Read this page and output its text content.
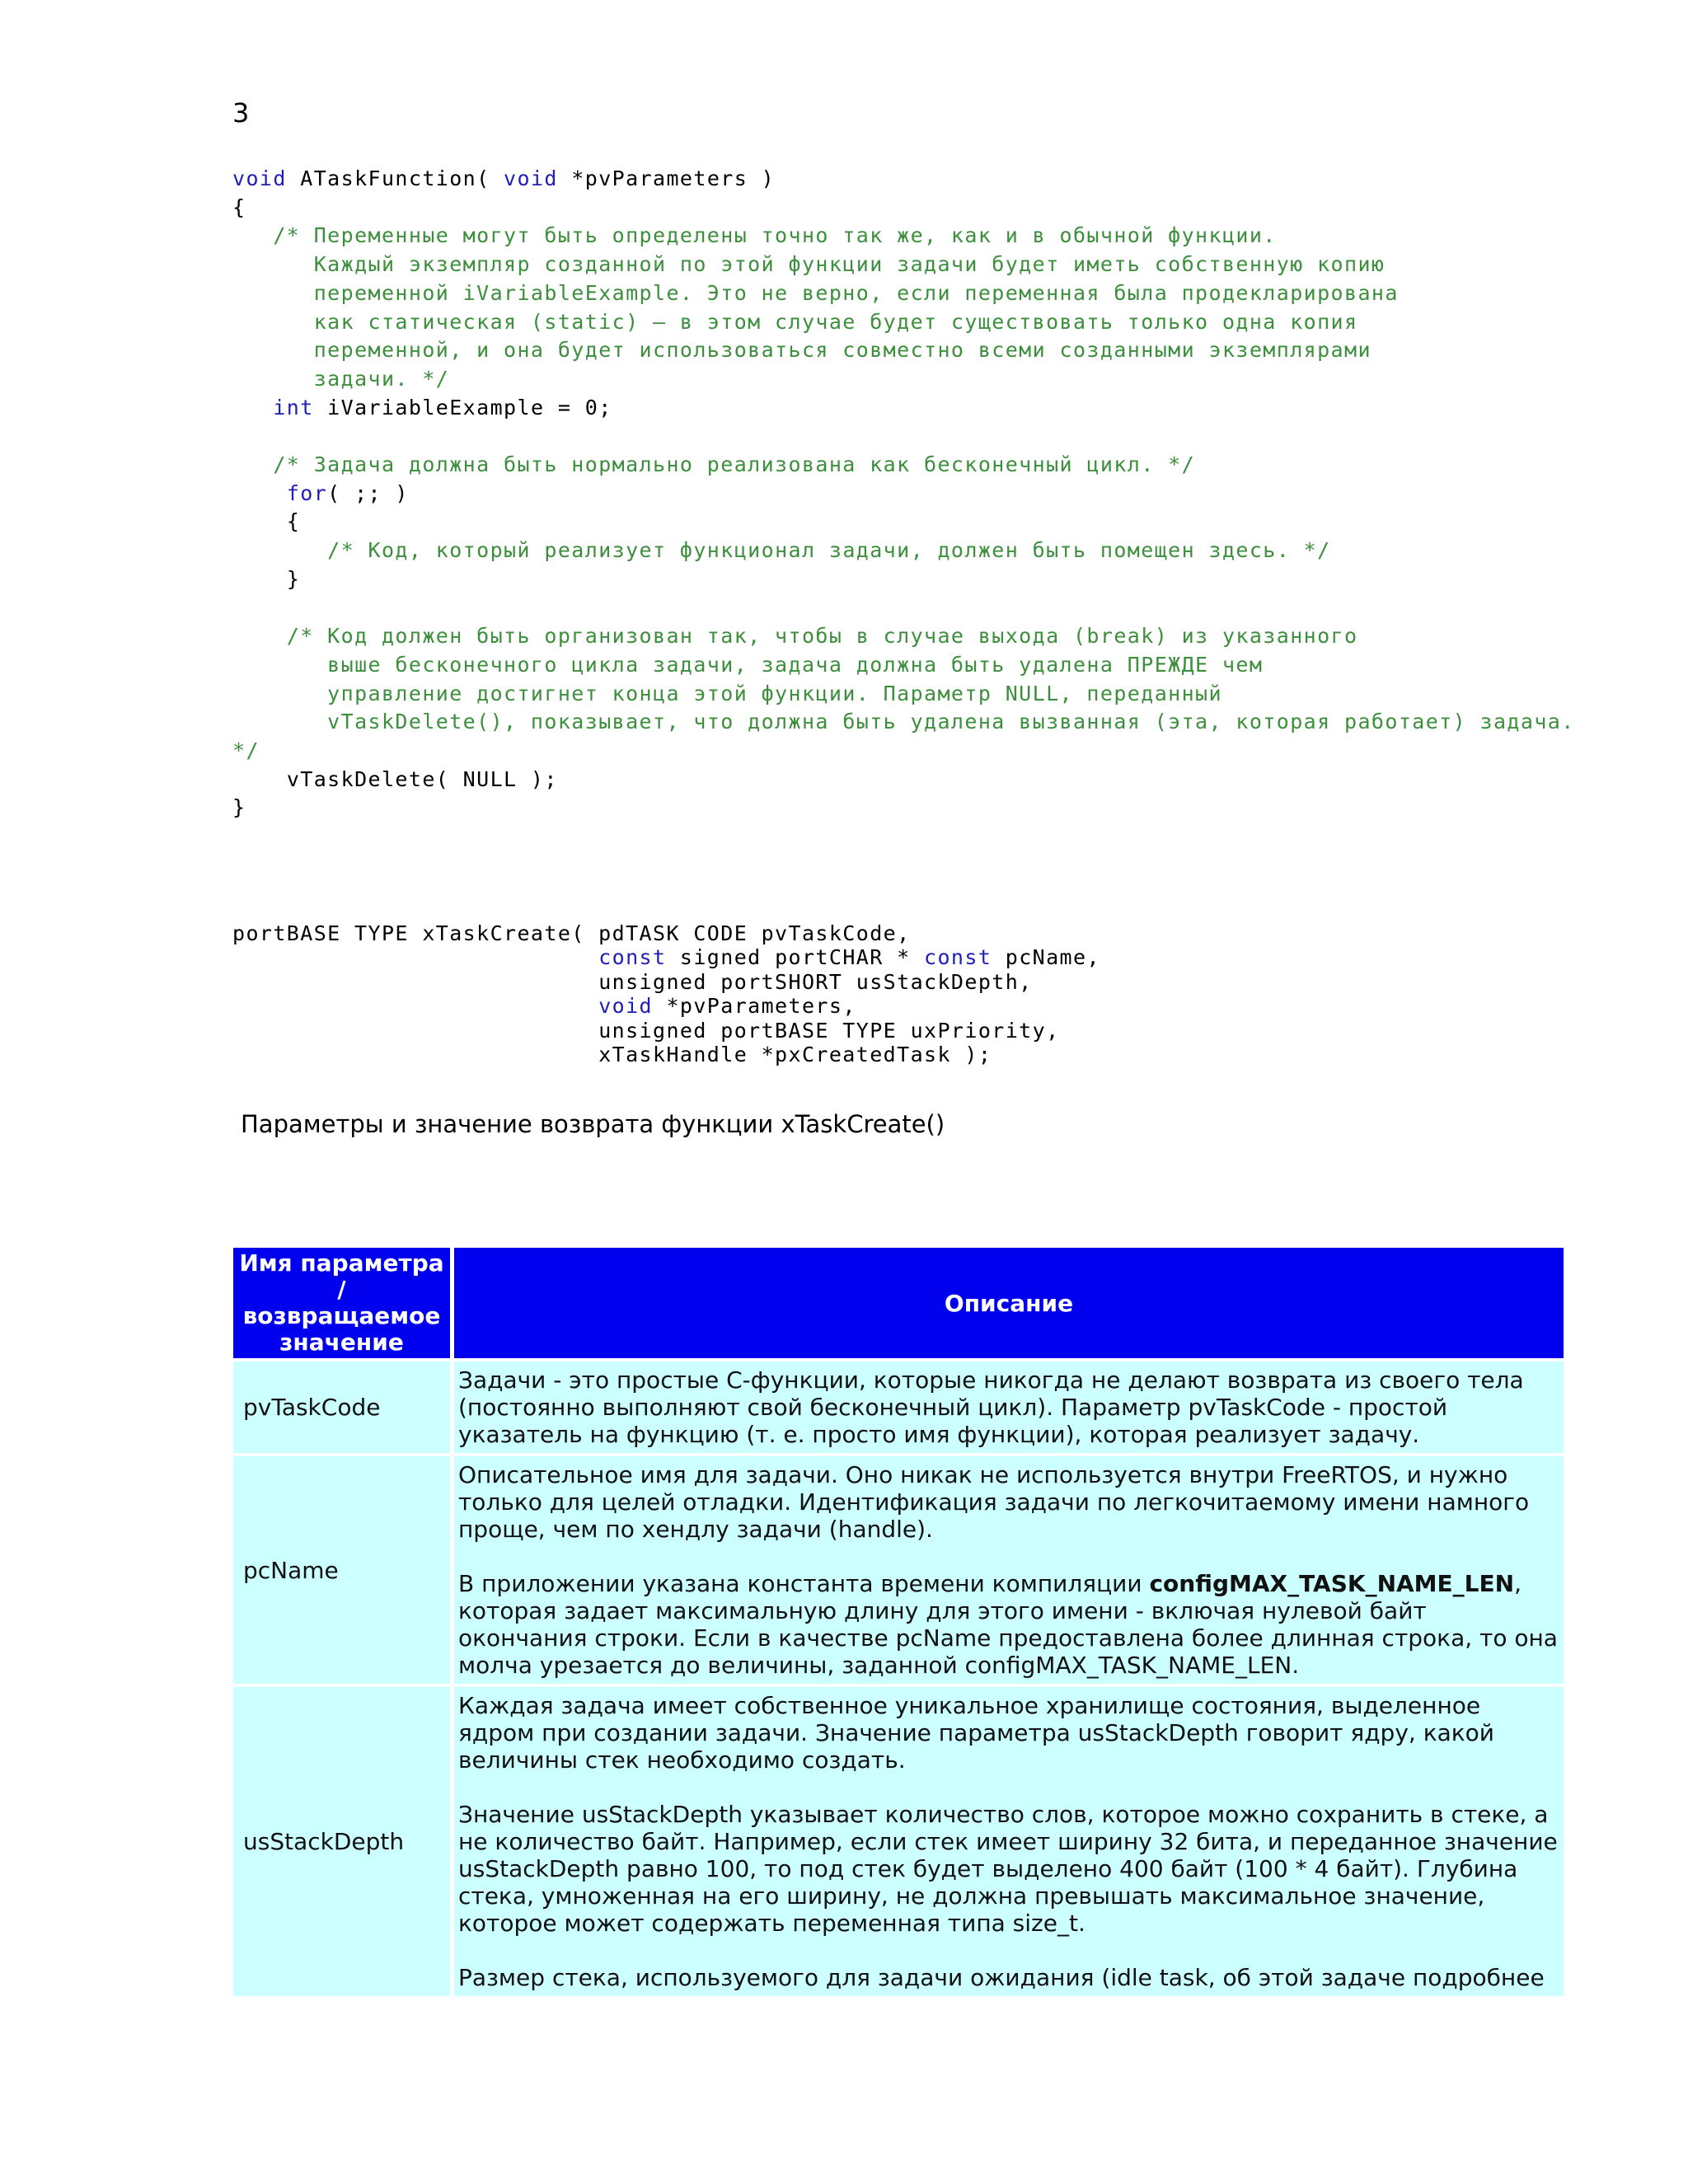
3
void ATaskFunction( void *pvParameters )
{
/* Переменные могут быть определены точно так же, как и в обычной функции.
Каждый экземпляр созданной по этой функции задачи будет иметь собственную копию
переменной iVariableExample. Это не верно, если переменная была продекларирована
как статическая (static) – в этом случае будет существовать только одна копия
переменной, и она будет использоваться совместно всеми созданными экземплярами
задачи. */
int iVariableExample = 0;

/* Задача должна быть нормально реализована как бесконечный цикл. */
for( ;; )
{
/* Код, который реализует функционал задачи, должен быть помещен здесь. */
}

/* Код должен быть организован так, чтобы в случае выхода (break) из указанного
выше бесконечного цикла задачи, задача должна быть удалена ПРЕЖДЕ чем
управление достигнет конца этой функции. Параметр NULL, переданный
vTaskDelete(), показывает, что должна быть удалена вызванная (эта, которая работает) задача.
*/
vTaskDelete( NULL );
}
portBASE TYPE xTaskCreate( pdTASK CODE pvTaskCode,
const signed portCHAR * const pcName,
unsigned portSHORT usStackDepth,
void *pvParameters,
unsigned portBASE TYPE uxPriority,
xTaskHandle *pxCreatedTask );
Параметры и значение возврата функции xTaskCreate()
Имя параметра / возвращаемое значение	Описание
pvTaskCode	Задачи - это простые C-функции, которые никогда не делают возврата из своего тела (постоянно выполняют свой бесконечный цикл). Параметр pvTaskCode - простой указатель на функцию (т. е. просто имя функции), которая реализует задачу.

pcName	Описательное имя для задачи. Оно никак не используется внутри FreeRTOS, и нужно только для целей отладки. Идентификация задачи по легкочитаемому имени намного проще, чем по хендлу задачи (handle).

В приложении указана константа времени компиляции configMAX_TASK_NAME_LEN, которая задает максимальную длину для этого имени - включая нулевой байт окончания строки. Если в качестве pcName предоставлена более длинная строка, то она молча урезается до величины, заданной configMAX_TASK_NAME_LEN.

usStackDepth	Каждая задача имеет собственное уникальное хранилище состояния, выделенное ядром при создании задачи. Значение параметра usStackDepth говорит ядру, какой величины стек необходимо создать.

Значение usStackDepth указывает количество слов, которое можно сохранить в стеке, а не количество байт. Например, если стек имеет ширину 32 бита, и переданное значение usStackDepth равно 100, то под стек будет выделено 400 байт (100 * 4 байт). Глубина стека, умноженная на его ширину, не должна превышать максимальное значение, которое может содержать переменная типа size_t.

Размер стека, используемого для задачи ожидания (idle task, об этой задаче подробнее
